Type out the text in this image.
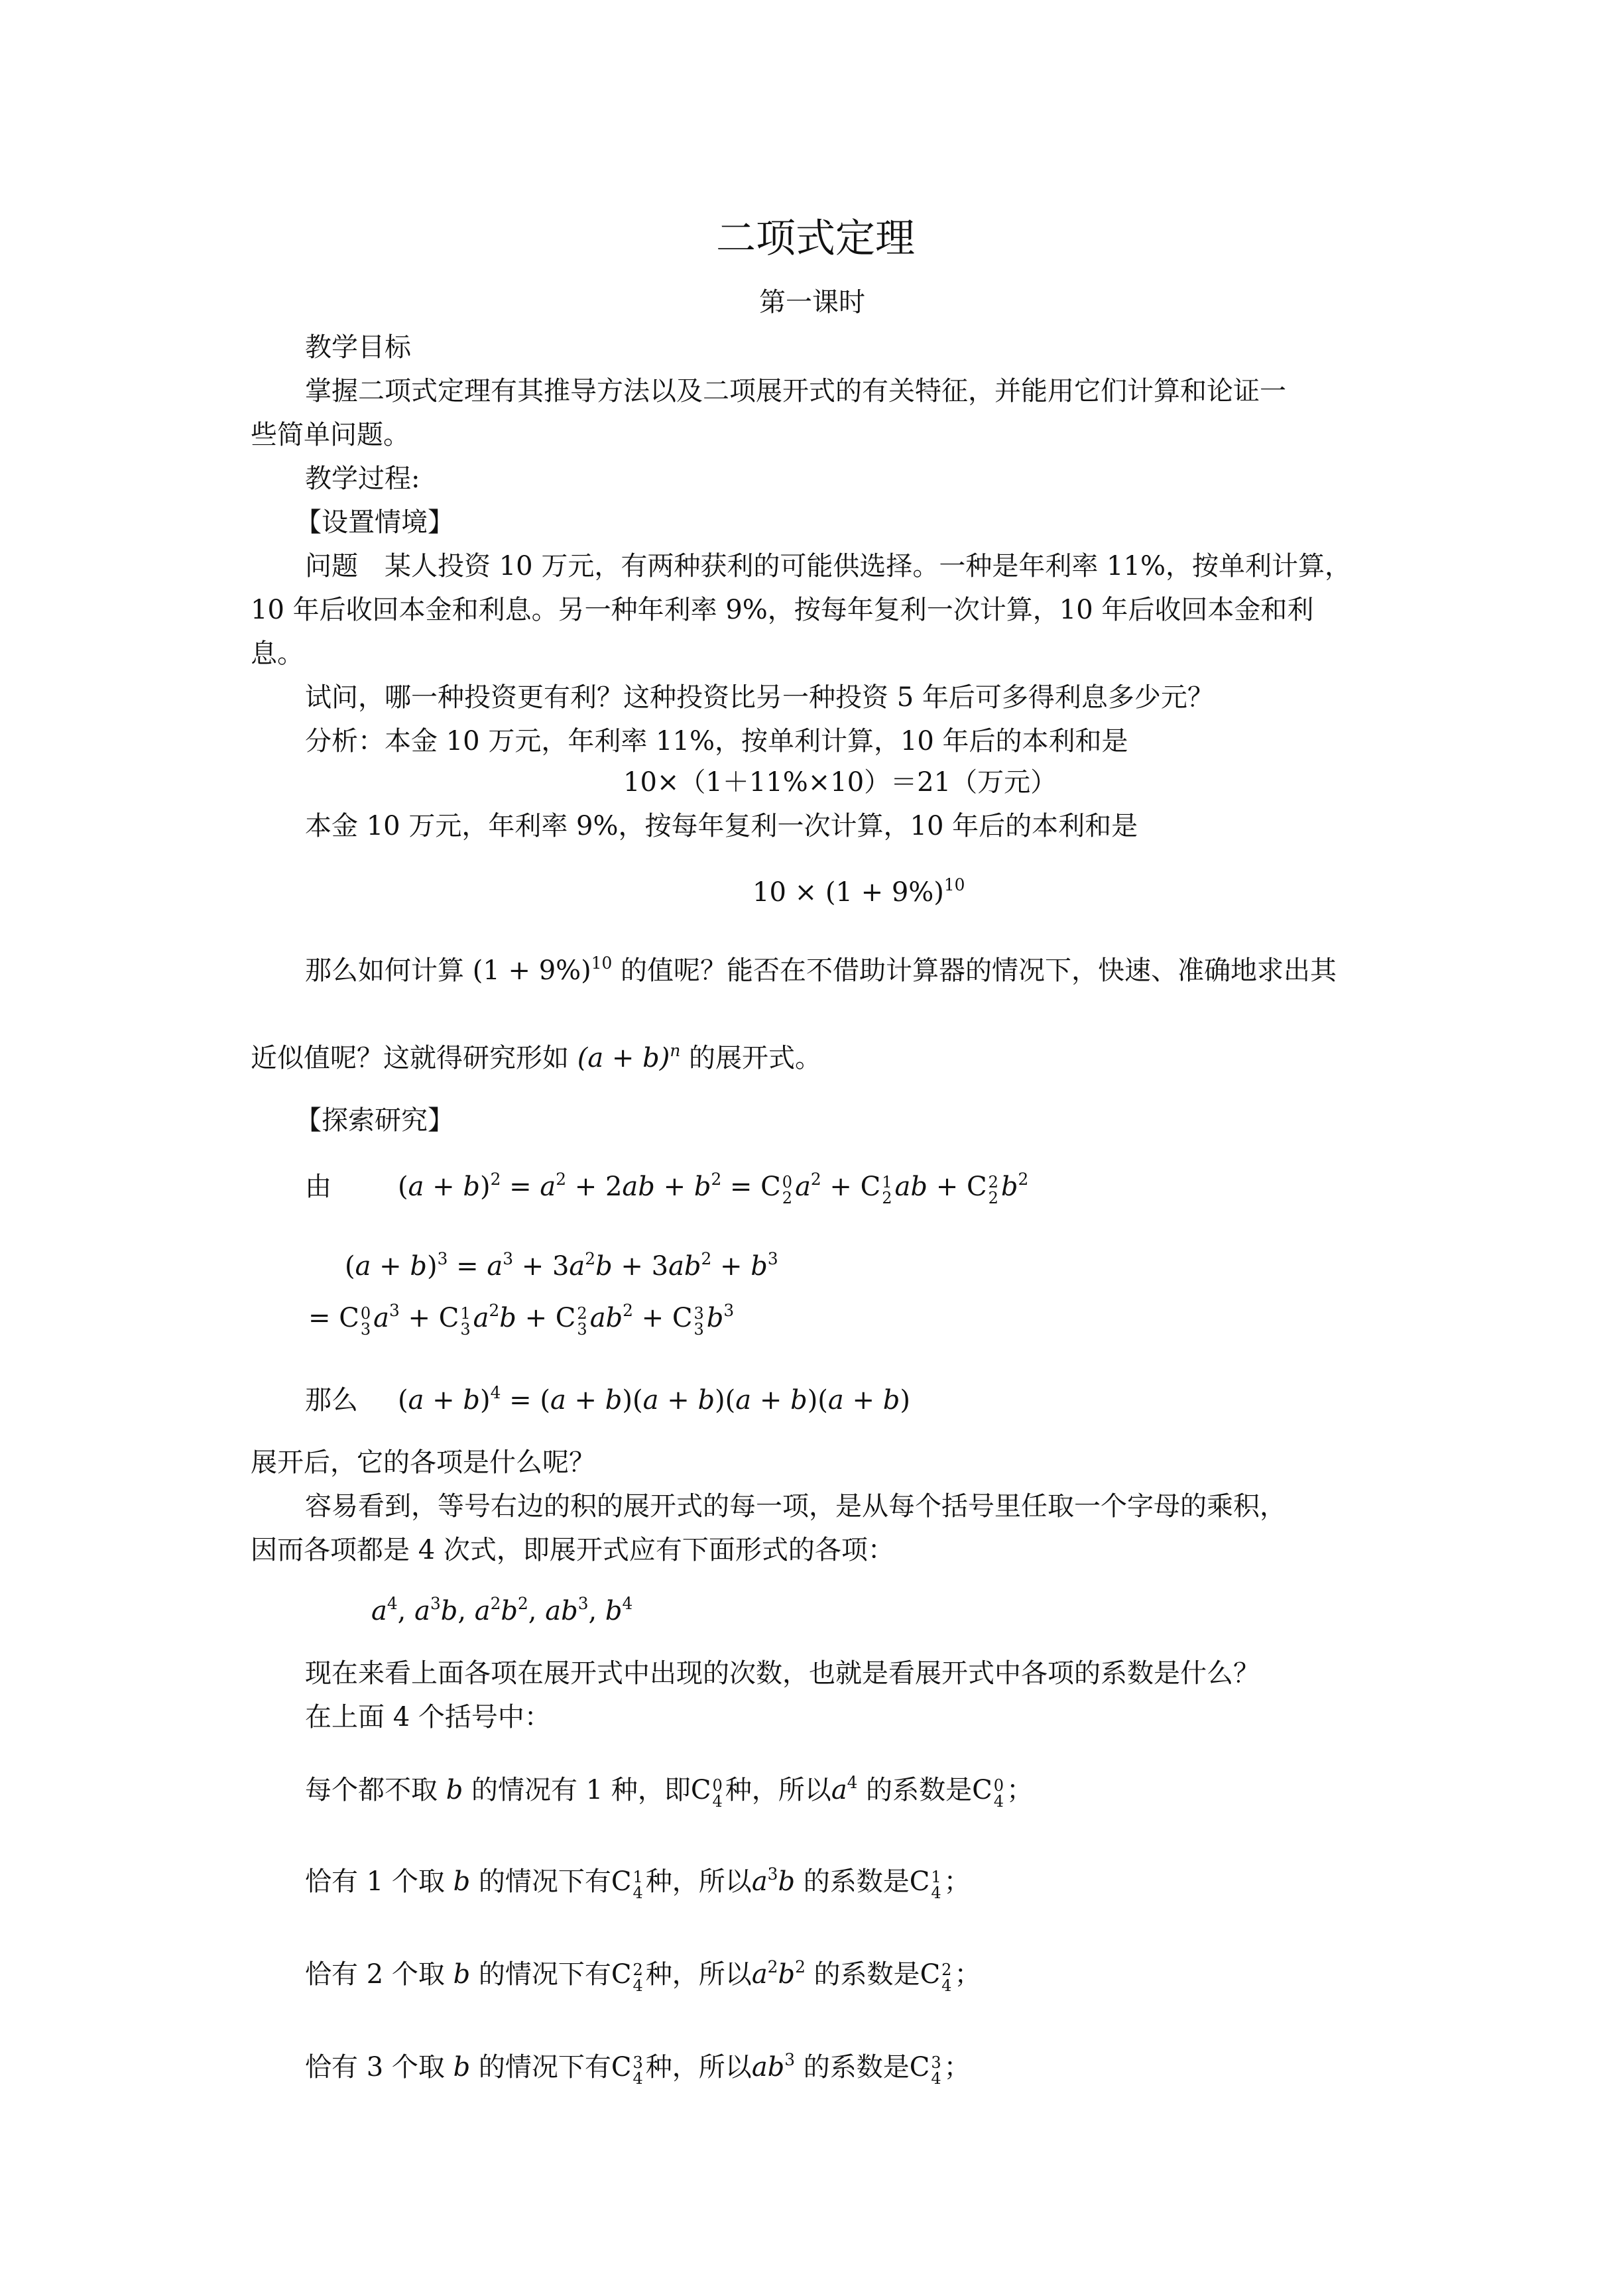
二项式定理
第一课时
教学目标
掌握二项式定理有其推导方法以及二项展开式的有关特征，并能用它们计算和论证一
些简单问题。
教学过程:
【设置情境】
问题　某人投资 10 万元，有两种获利的可能供选择。一种是年利率 11%，按单利计算，
10 年后收回本金和利息。另一种年利率 9%，按每年复利一次计算，10 年后收回本金和利
息。
试问，哪一种投资更有利？这种投资比另一种投资 5 年后可多得利息多少元？
分析：本金 10 万元，年利率 11%，按单利计算，10 年后的本利和是
10×（1＋11%×10）＝21（万元）
本金 10 万元，年利率 9%，按每年复利一次计算，10 年后的本利和是
$10 \times (1 + 9\%)^{10}$
那么如何计算 $(1 + 9\%)^{10}$ 的值呢？能否在不借助计算器的情况下，快速、准确地求出其
近似值呢？这就得研究形如 $(a + b)^n$ 的展开式。
【探索研究】
由	$(a + b)^2 = a^2 + 2ab + b^2 = C$ 0
2 $a^2 + C$ 1
2 ab + C 2
2 $b^2$
$(a + b)^3 = a^3 + 3a^2b + 3ab^2 + b^3$
= C 0
3 $a^3 + C$ 1
3 $a^2b + C$ 2
3 $ab^2 + C$ 3
3 $b^3$
那么 $(a + b)^4 = (a + b)(a + b)(a + b)(a + b)$
展开后，它的各项是什么呢？
容易看到，等号右边的积的展开式的每一项，是从每个括号里任取一个字母的乘积，
因而各项都是 4 次式，即展开式应有下面形式的各项：
$a^4$, $a^3b$, $a^2b^2$, $ab^3$, $b^4$
现在来看上面各项在展开式中出现的次数，也就是看展开式中各项的系数是什么？
在上面 4 个括号中：
每个都不取 b 的情况有 1 种，即C 0
4 种，所以$a^4$ 的系数是C 0
4 ；
恰有 1 个取 b 的情况下有C 1
4 种，所以$a^3b$ 的系数是C 1
4 ；
恰有 2 个取 b 的情况下有C 2
4 种，所以$a^2b^2$ 的系数是C 2
4 ；
恰有 3 个取 b 的情况下有C 3
4 种，所以$ab^3$ 的系数是C 3
4 ；
